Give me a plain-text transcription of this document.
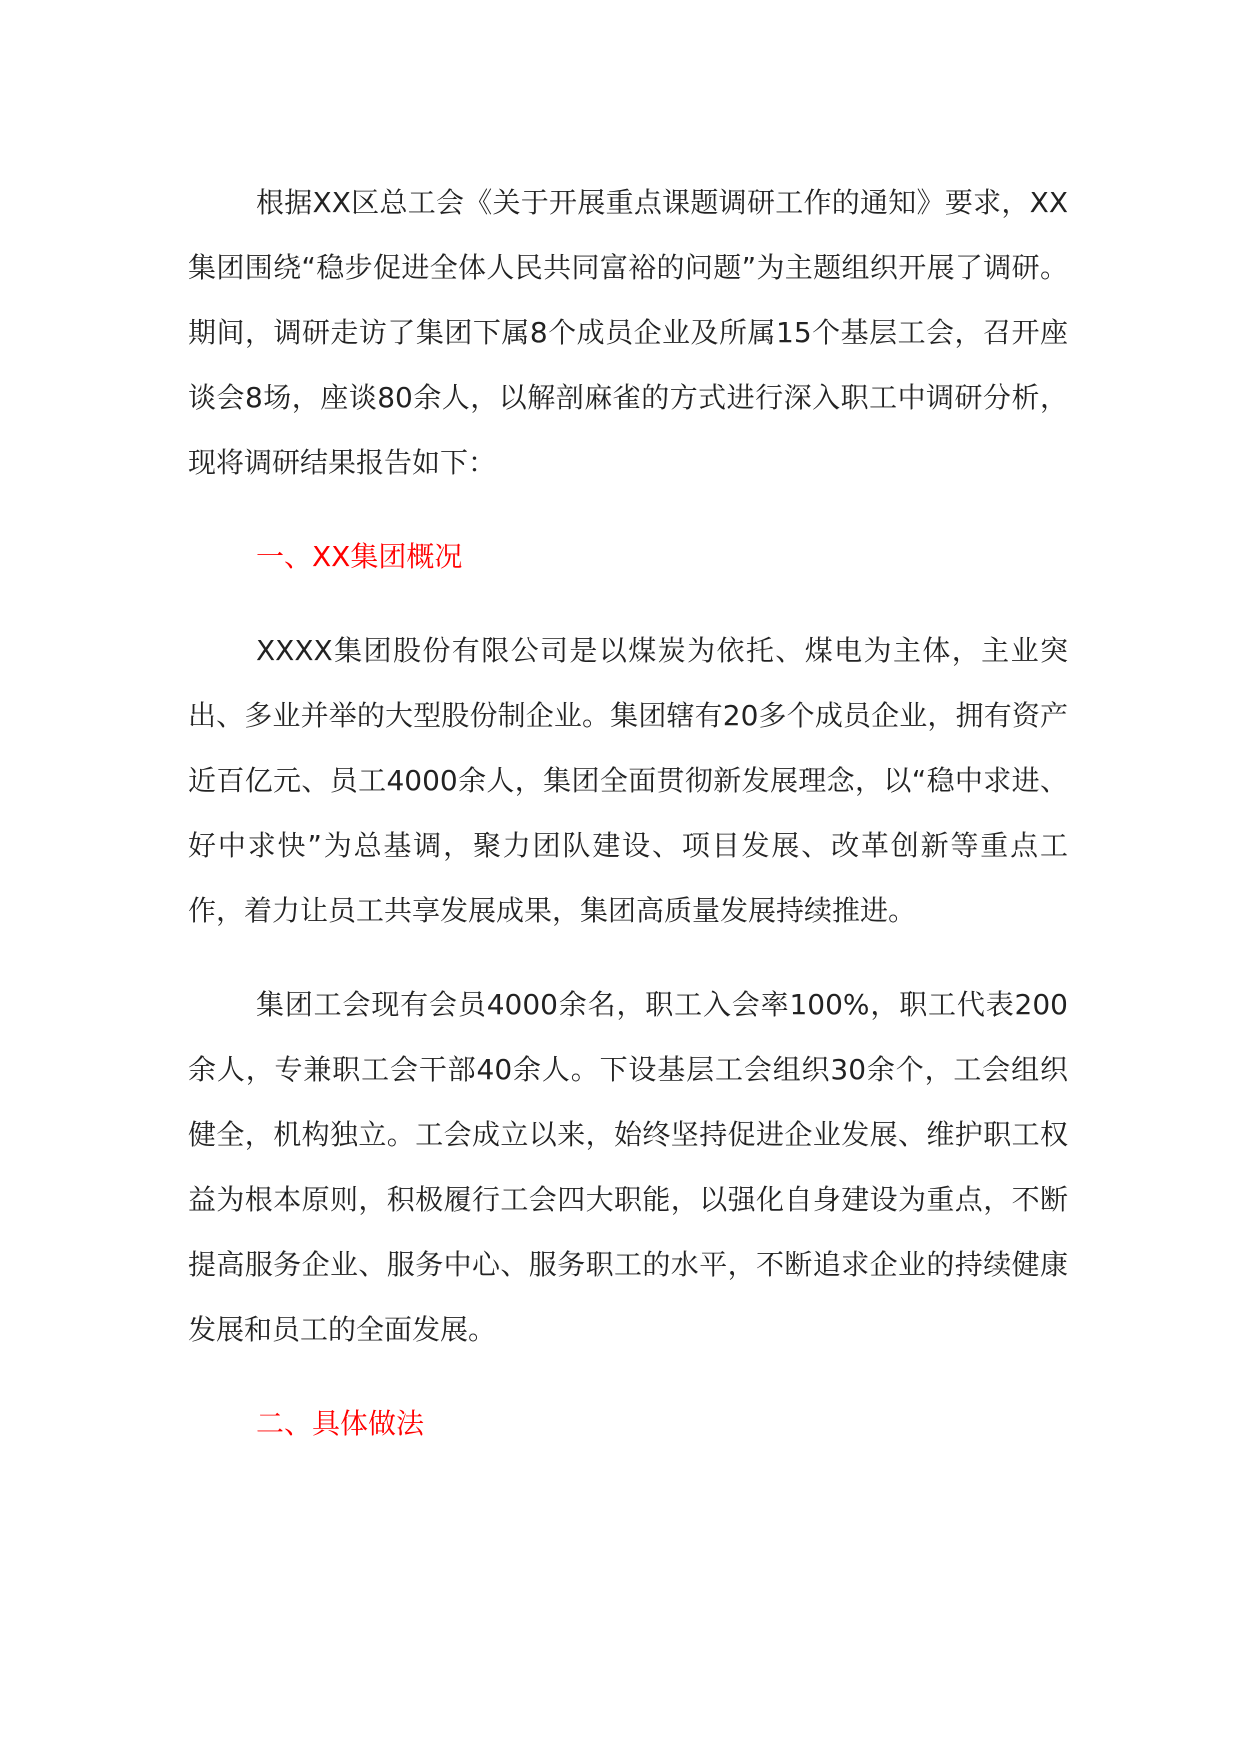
根据XX区总工会《关于开展重点课题调研工作的通知》要求，XX集团围绕“稳步促进全体人民共同富裕的问题”为主题组织开展了调研。期间，调研走访了集团下属8个成员企业及所属15个基层工会，召开座谈会8场，座谈80余人，以解剖麻雀的方式进行深入职工中调研分析，现将调研结果报告如下：

一、XX集团概况

XXXX集团股份有限公司是以煤炭为依托、煤电为主体，主业突出、多业并举的大型股份制企业。集团辖有20多个成员企业，拥有资产近百亿元、员工4000余人，集团全面贯彻新发展理念，以“稳中求进、好中求快”为总基调，聚力团队建设、项目发展、改革创新等重点工作，着力让员工共享发展成果，集团高质量发展持续推进。

集团工会现有会员4000余名，职工入会率100%，职工代表200余人，专兼职工会干部40余人。下设基层工会组织30余个，工会组织健全，机构独立。工会成立以来，始终坚持促进企业发展、维护职工权益为根本原则，积极履行工会四大职能，以强化自身建设为重点，不断提高服务企业、服务中心、服务职工的水平，不断追求企业的持续健康发展和员工的全面发展。

二、具体做法
